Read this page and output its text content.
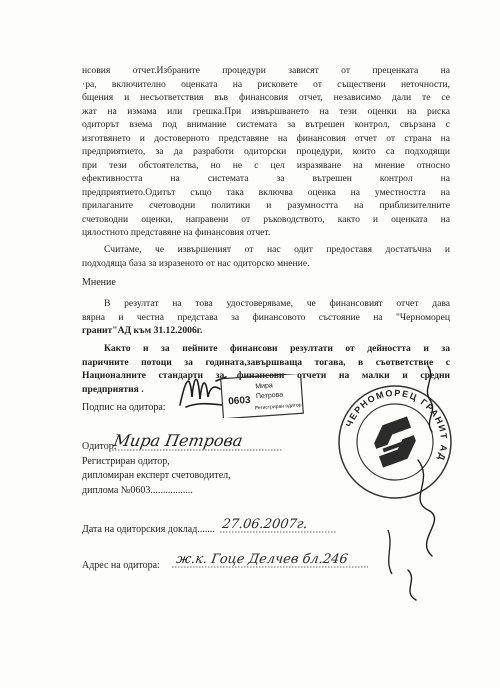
нсовия отчет.Избраните процедури зависят от преценката на
·ра, включително оценката на рисковете от съществени неточности,
бщения и несъответствия във финансовия отчет, независимо дали те се
жат на измама или грешка.При извършването на тези оценки на риска
одиторът взема под внимание системата за вътрешен контрол, свързана с
изготвянето и достоверното представяне на финансовия отчет от страна на
предприятието, за да разработи одиторски процедури, които са подходящи
при тези обстоятелства, но не с цел изразяване на мнение относно
ефективността на системата за вътрешен контрол на
предприятието.Одитът също така включва оценка на уместността на
прилаганите счетоводни политики и разумността на приблизителните
счетоводни оценки, направени от ръководството, както и оценката на
цялостното представяне на финансовия отчет.
Считаме, че извършеният от нас одит предоставя достатъчна и
подходяща база за изразеното от нас одиторско мнение.
Мнение
В резултат на това удостоверяваме, че финансовият отчет дава
вярна и честна представа за финансовото състояние на "Черноморец
гранит"АД към 31.12.2006г.
Както и за пейните финансови резултати от дейността и за
паричните потоци за годината,завършваща тогава, в съответствие с
Националните стандарти за финансови отчети на малки и средни
предприятия .
Подпис на одитора:
Одитор:
Регистриран одитор,
дипломиран експерт счетоводител,
диплома №0603.................
Дата на одиторския доклад.......
Адрес на одитора:
27.06.2007г.
ж.к. Гоце Делчев бл.246
Мира Петрова
0603
Мира
Петрова
Регистриран одитор
ЧЕРНОМОРЕЦ ГРАНИТ АД
